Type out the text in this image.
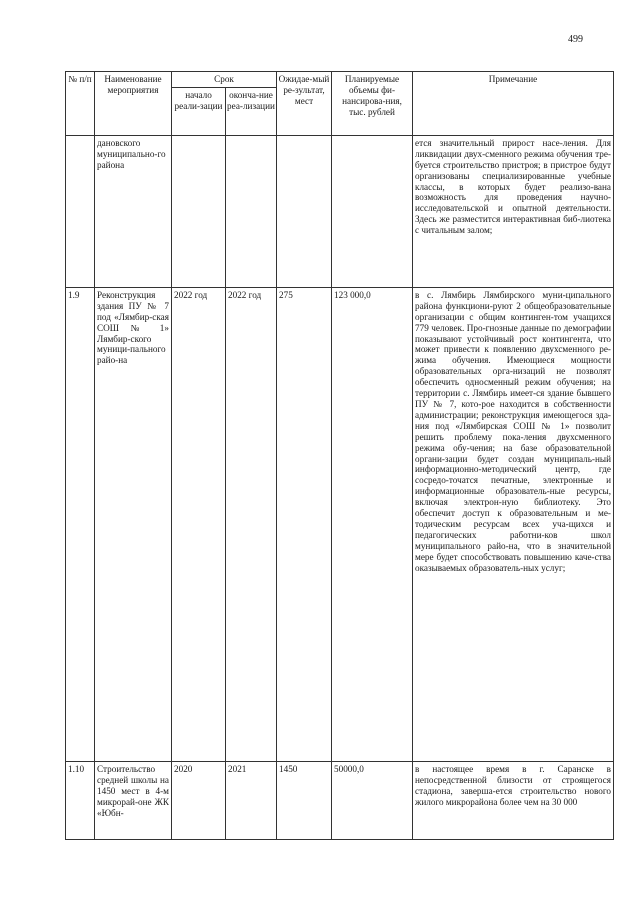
499
№ п/п	Наименование мероприятия	Срок		Ожидае-мый ре-зультат, мест	Планируемые объемы фи-нансирова-ния, тыс. рублей	Примечание
		начало реали-зации	оконча-ние реа-лизации			
	дановского муниципально-го района					ется значительный прирост насе-ления. Для ликвидации двух-сменного режима обучения тре-буется строительство пристроя; в пристрое будут организованы специализированные учебные классы, в которых будет реализо-вана возможность для проведения научно-исследовательской и опытной деятельности. Здесь же разместится интерактивная биб-лиотека с читальным залом;
1.9	Реконструкция здания ПУ № 7 под «Лямбир-ская СОШ № 1» Лямбир-ского муници-пального райо-на	2022 год	2022 год	275	123 000,0	в с. Лямбирь Лямбирского муни-ципального района функциони-руют 2 общеобразовательные организации с общим континген-том учащихся 779 человек. Про-гнозные данные по демографии показывают устойчивый рост контингента, что может привести к появлению двухсменного ре-жима обучения. Имеющиеся мощности образовательных орга-низаций не позволят обеспечить односменный режим обучения; на территории с. Лямбирь имеет-ся здание бывшего ПУ № 7, кото-рое находится в собственности администрации; реконструкция имеющегося зда-ния под «Лямбирская СОШ № 1» позволит решить проблему пока-ления двухсменного режима обу-чения; на базе образовательной органи-зации будет создан муниципаль-ный информационно-методический центр, где сосредо-точатся печатные, электронные и информационные образователь-ные ресурсы, включая электрон-ную библиотеку. Это обеспечит доступ к образовательным и ме-тодическим ресурсам всех уча-щихся и педагогических работни-ков школ муниципального райо-на, что в значительной мере будет способствовать повышению каче-ства оказываемых образователь-ных услуг;
1.10	Строительство средней школы на 1450 мест в 4-м микрорай-оне ЖК «Юбн-	2020	2021	1450	50000,0	в настоящее время в г. Саранске в непосредственной близости от строящегося стадиона, заверша-ется строительство нового жилого микрорайона более чем на 30 000
